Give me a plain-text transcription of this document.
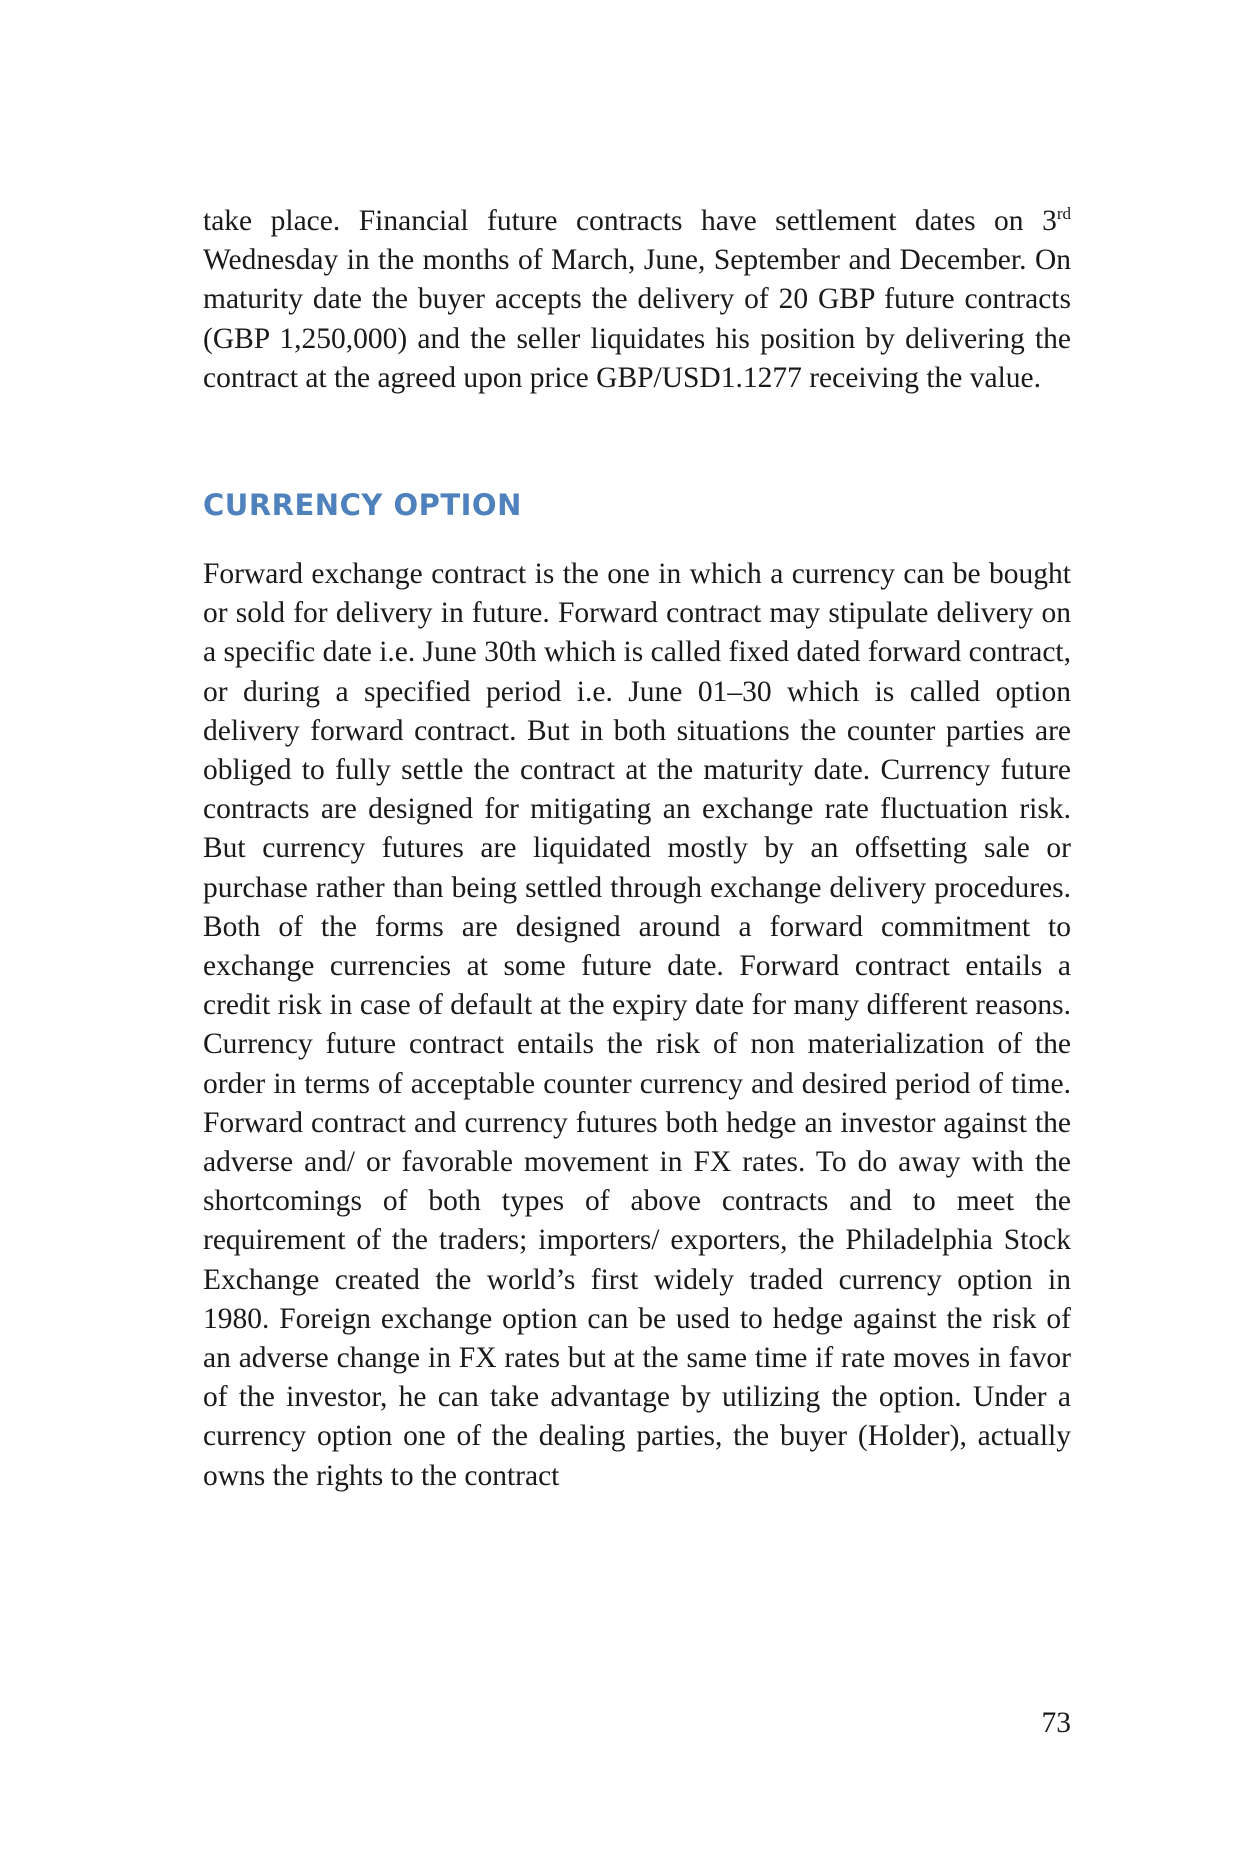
take place. Financial future contracts have settlement dates on 3rd Wednesday in the months of March, June, September and December. On maturity date the buyer accepts the delivery of 20 GBP future contracts (GBP 1,250,000) and the seller liquidates his position by delivering the contract at the agreed upon price GBP/USD1.1277 receiving the value.

CURRENCY OPTION

Forward exchange contract is the one in which a currency can be bought or sold for delivery in future. Forward contract may stipulate delivery on a specific date i.e. June 30th which is called fixed dated forward contract, or during a specified period i.e. June 01–30 which is called option delivery forward contract. But in both situations the counter parties are obliged to fully settle the contract at the maturity date. Currency future contracts are designed for mitigating an exchange rate fluctuation risk. But currency futures are liquidated mostly by an offsetting sale or purchase rather than being settled through exchange delivery procedures. Both of the forms are designed around a forward commitment to exchange currencies at some future date. Forward contract entails a credit risk in case of default at the expiry date for many different reasons. Currency future contract entails the risk of non materialization of the order in terms of acceptable counter currency and desired period of time. Forward contract and currency futures both hedge an investor against the adverse and/ or favorable movement in FX rates. To do away with the shortcomings of both types of above contracts and to meet the requirement of the traders; importers/ exporters, the Philadelphia Stock Exchange created the world’s first widely traded currency option in 1980. Foreign exchange option can be used to hedge against the risk of an adverse change in FX rates but at the same time if rate moves in favor of the investor, he can take advantage by utilizing the option. Under a currency option one of the dealing parties, the buyer (Holder), actually owns the rights to the contract

73
